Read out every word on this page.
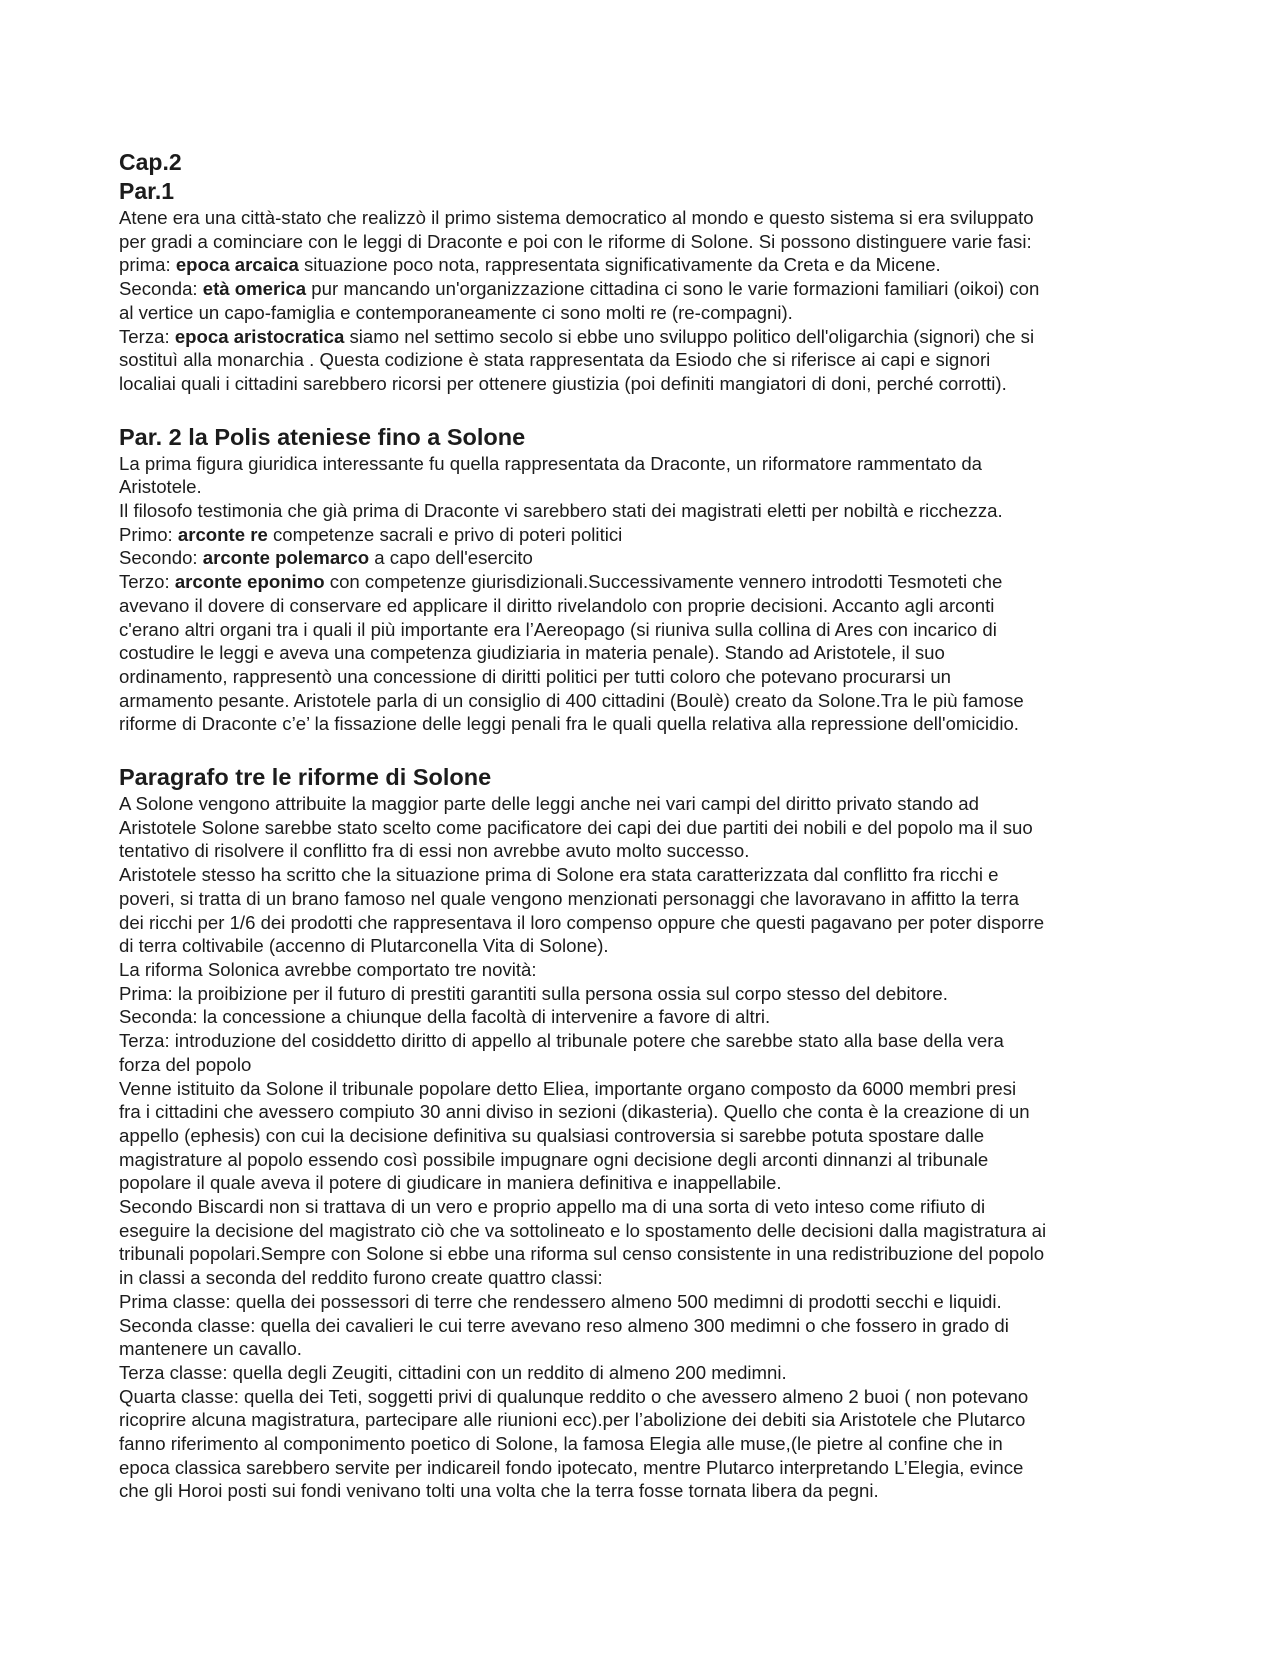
Cap.2
Par.1

Atene era una città-stato che realizzò il primo sistema democratico al mondo e questo sistema si era sviluppato

per gradi a cominciare con le leggi di Draconte e poi con le riforme di Solone. Si possono distinguere varie fasi:

prima: epoca arcaica situazione poco nota, rappresentata significativamente da Creta e da Micene.

Seconda: età omerica pur mancando un'organizzazione cittadina ci sono le varie formazioni familiari (oikoi) con

al vertice un capo-famiglia e contemporaneamente ci sono molti re (re-compagni).

Terza: epoca aristocratica siamo nel settimo secolo si ebbe uno sviluppo politico dell'oligarchia (signori) che si

sostituì alla monarchia . Questa codizione è stata rappresentata da Esiodo che si riferisce ai capi e signori

localiai quali i cittadini sarebbero ricorsi per ottenere giustizia (poi definiti mangiatori di doni, perché corrotti).

Par. 2 la Polis ateniese fino a Solone

La prima figura giuridica interessante fu quella rappresentata da Draconte, un riformatore rammentato da

Aristotele.

Il filosofo testimonia che già prima di Draconte vi sarebbero stati dei magistrati eletti per nobiltà e ricchezza.

Primo: arconte re competenze sacrali e privo di poteri politici

Secondo: arconte polemarco a capo dell'esercito

Terzo: arconte eponimo con competenze giurisdizionali.Successivamente vennero introdotti Tesmoteti che

avevano il dovere di conservare ed applicare il diritto rivelandolo con proprie decisioni. Accanto agli arconti

c'erano altri organi tra i quali il più importante era l’Aereopago (si riuniva sulla collina di Ares con incarico di

costudire le leggi e aveva una competenza giudiziaria in materia penale). Stando ad Aristotele, il suo

ordinamento, rappresentò una concessione di diritti politici per tutti coloro che potevano procurarsi un

armamento pesante. Aristotele parla di un consiglio di 400 cittadini (Boulè) creato da Solone.Tra le più famose

riforme di Draconte c’e’ la fissazione delle leggi penali fra le quali quella relativa alla repressione dell'omicidio.

Paragrafo tre le riforme di Solone

A Solone vengono attribuite la maggior parte delle leggi anche nei vari campi del diritto privato stando ad

Aristotele Solone sarebbe stato scelto come pacificatore dei capi dei due partiti dei nobili e del popolo ma il suo

tentativo di risolvere il conflitto fra di essi non avrebbe avuto molto successo.

Aristotele stesso ha scritto che la situazione prima di Solone era stata caratterizzata dal conflitto fra ricchi e

poveri, si tratta di un brano famoso nel quale vengono menzionati personaggi che lavoravano in affitto la terra

dei ricchi per 1/6 dei prodotti che rappresentava il loro compenso oppure che questi pagavano per poter disporre

di terra coltivabile (accenno di Plutarconella Vita di Solone).

La riforma Solonica avrebbe comportato tre novità:

Prima: la proibizione per il futuro di prestiti garantiti sulla persona ossia sul corpo stesso del debitore.

Seconda: la concessione a chiunque della facoltà di intervenire a favore di altri.

Terza: introduzione del cosiddetto diritto di appello al tribunale potere che sarebbe stato alla base della vera

forza del popolo

Venne istituito da Solone il tribunale popolare detto Eliea, importante organo composto da 6000 membri presi

fra i cittadini che avessero compiuto 30 anni diviso in sezioni (dikasteria). Quello che conta è la creazione di un

appello (ephesis) con cui la decisione definitiva su qualsiasi controversia si sarebbe potuta spostare dalle

magistrature al popolo essendo così possibile impugnare ogni decisione degli arconti dinnanzi al tribunale

popolare il quale aveva il potere di giudicare in maniera definitiva e inappellabile.

Secondo Biscardi non si trattava di un vero e proprio appello ma di una sorta di veto inteso come rifiuto di

eseguire la decisione del magistrato ciò che va sottolineato e lo spostamento delle decisioni dalla magistratura ai

tribunali popolari.Sempre con Solone si ebbe una riforma sul censo consistente in una redistribuzione del popolo

in classi a seconda del reddito furono create quattro classi:

Prima classe: quella dei possessori di terre che rendessero almeno 500 medimni di prodotti secchi e liquidi.

Seconda classe: quella dei cavalieri le cui terre avevano reso almeno 300 medimni o che fossero in grado di

mantenere un cavallo.

Terza classe: quella degli Zeugiti, cittadini con un reddito di almeno 200 medimni.

Quarta classe: quella dei Teti, soggetti privi di qualunque reddito o che avessero almeno 2 buoi ( non potevano

ricoprire alcuna magistratura, partecipare alle riunioni ecc).per l’abolizione dei debiti sia Aristotele che Plutarco

fanno riferimento al componimento poetico di Solone, la famosa Elegia alle muse,(le pietre al confine che in

epoca classica sarebbero servite per indicareil fondo ipotecato, mentre Plutarco interpretando L’Elegia, evince

che gli Horoi posti sui fondi venivano tolti una volta che la terra fosse tornata libera da pegni.
